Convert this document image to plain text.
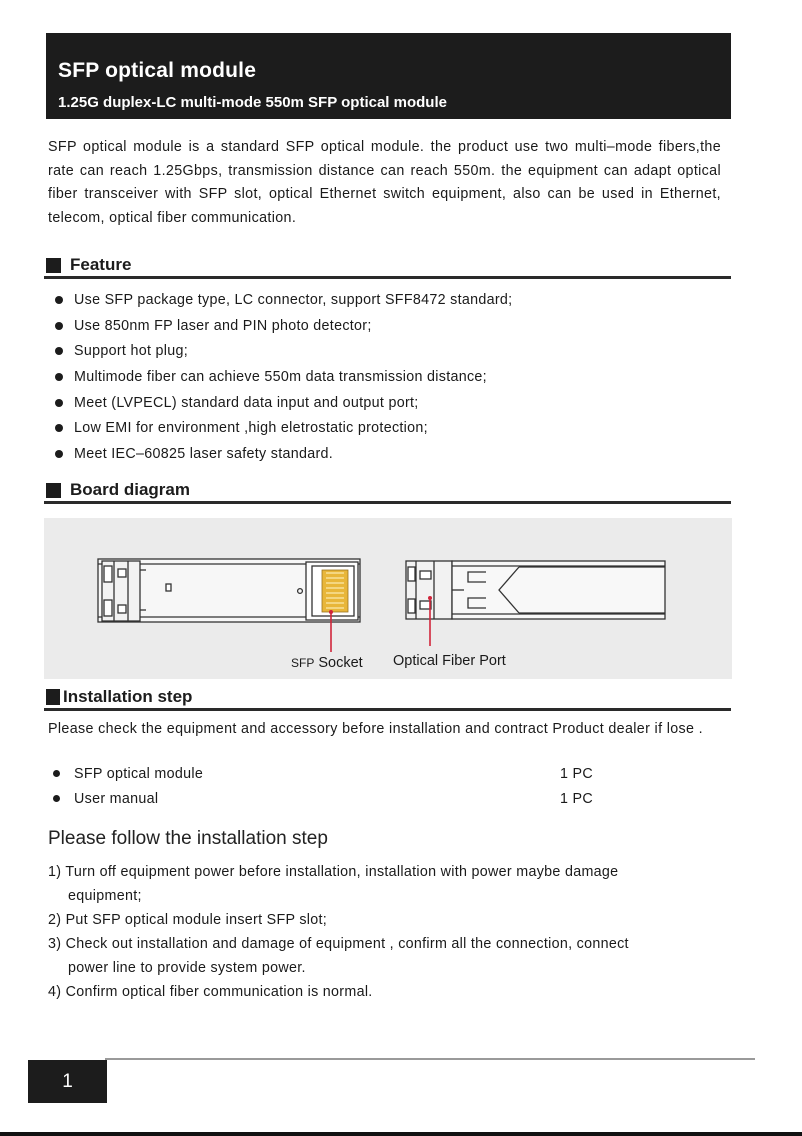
SFP optical module
1.25G duplex-LC multi-mode 550m SFP optical module
SFP optical module is a standard SFP optical module. the product use two multi–mode fibers,the rate can reach 1.25Gbps, transmission distance can reach 550m. the equipment can adapt optical fiber transceiver with SFP slot, optical Ethernet switch equipment, also can be used in Ethernet, telecom, optical fiber communication.
Feature
Use SFP package type, LC connector, support SFF8472 standard;
Use 850nm FP laser and PIN photo detector;
Support hot plug;
Multimode fiber can achieve 550m data transmission distance;
Meet (LVPECL) standard data input and output port;
Low EMI for environment ,high eletrostatic protection;
Meet IEC–60825 laser safety standard.
Board diagram
SFP Socket Optical Fiber Port
Installation step
Please check the equipment and accessory before installation and contract Product dealer if lose .
SFP optical module	1 PC
User manual	1 PC
Please follow the installation step
1) Turn off equipment power before installation, installation with power maybe damage
equipment;
2) Put SFP optical module insert SFP slot;
3) Check out installation and damage of equipment , confirm all the connection, connect
power line to provide system power.
4) Confirm optical fiber communication is normal.
1
